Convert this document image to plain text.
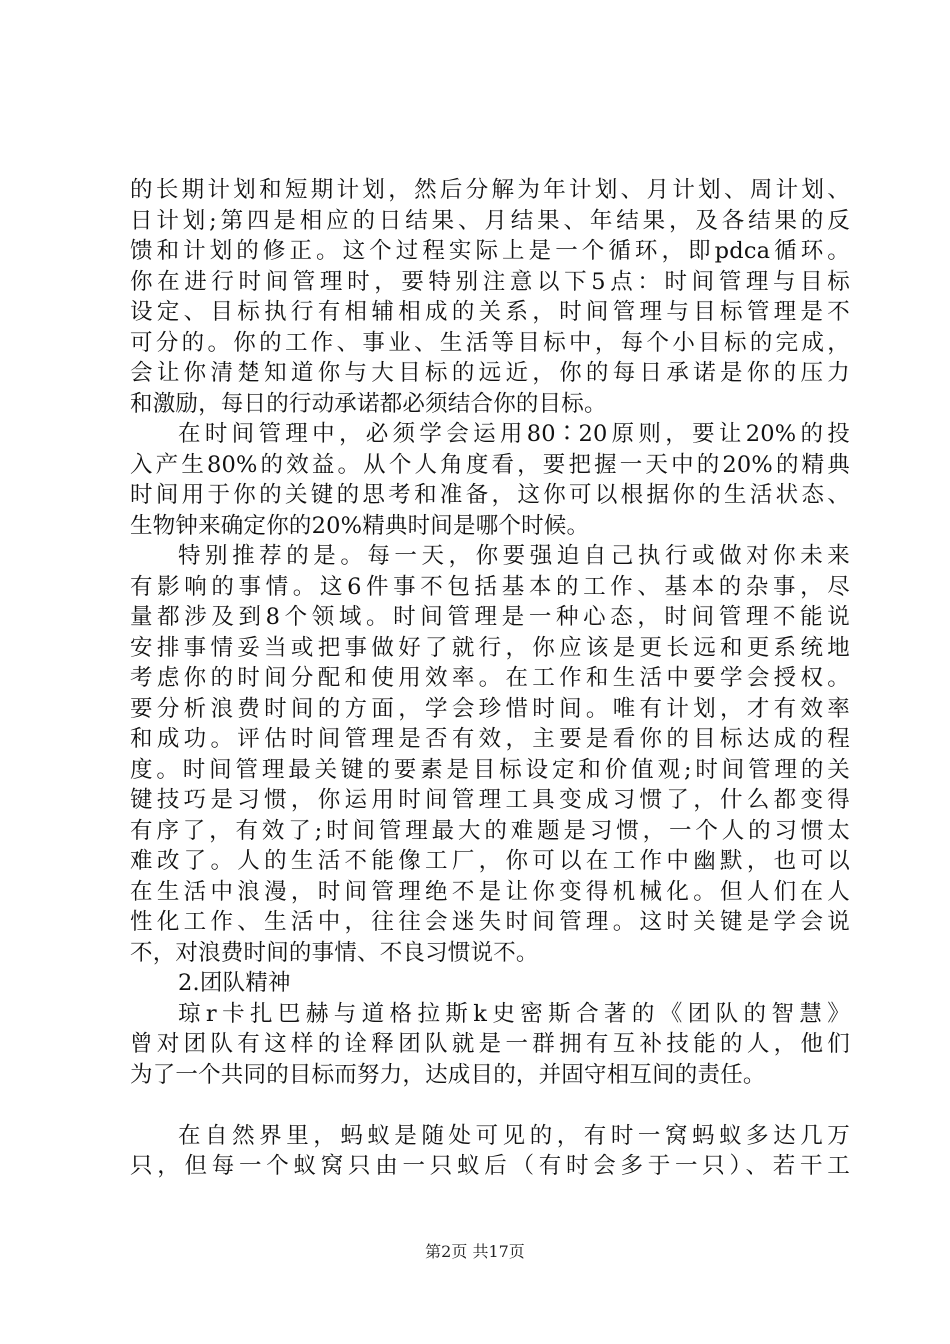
的长期计划和短期计划，然后分解为年计划、月计划、周计划、
日计划;第四是相应的日结果、月结果、年结果，及各结果的反
馈和计划的修正。这个过程实际上是一个循环，即pdca循环。
你在进行时间管理时，要特别注意以下5点：时间管理与目标
设定、目标执行有相辅相成的关系，时间管理与目标管理是不
可分的。你的工作、事业、生活等目标中，每个小目标的完成，
会让你清楚知道你与大目标的远近，你的每日承诺是你的压力
和激励，每日的行动承诺都必须结合你的目标。
在时间管理中，必须学会运用80∶20原则，要让20%的投
入产生80%的效益。从个人角度看，要把握一天中的20%的精典
时间用于你的关键的思考和准备，这你可以根据你的生活状态、
生物钟来确定你的20%精典时间是哪个时候。
特别推荐的是。每一天，你要强迫自己执行或做对你未来
有影响的事情。这6件事不包括基本的工作、基本的杂事，尽
量都涉及到8个领域。时间管理是一种心态，时间管理不能说
安排事情妥当或把事做好了就行，你应该是更长远和更系统地
考虑你的时间分配和使用效率。在工作和生活中要学会授权。
要分析浪费时间的方面，学会珍惜时间。唯有计划，才有效率
和成功。评估时间管理是否有效，主要是看你的目标达成的程
度。时间管理最关键的要素是目标设定和价值观;时间管理的关
键技巧是习惯，你运用时间管理工具变成习惯了，什么都变得
有序了，有效了;时间管理最大的难题是习惯，一个人的习惯太
难改了。人的生活不能像工厂，你可以在工作中幽默，也可以
在生活中浪漫，时间管理绝不是让你变得机械化。但人们在人
性化工作、生活中，往往会迷失时间管理。这时关键是学会说
不，对浪费时间的事情、不良习惯说不。
2.团队精神
琼r卡扎巴赫与道格拉斯k史密斯合著的《团队的智慧》
曾对团队有这样的诠释团队就是一群拥有互补技能的人，他们
为了一个共同的目标而努力，达成目的，并固守相互间的责任。
在自然界里，蚂蚁是随处可见的，有时一窝蚂蚁多达几万
只，但每一个蚁窝只由一只蚁后（有时会多于一只）、若干工
第2页 共17页
